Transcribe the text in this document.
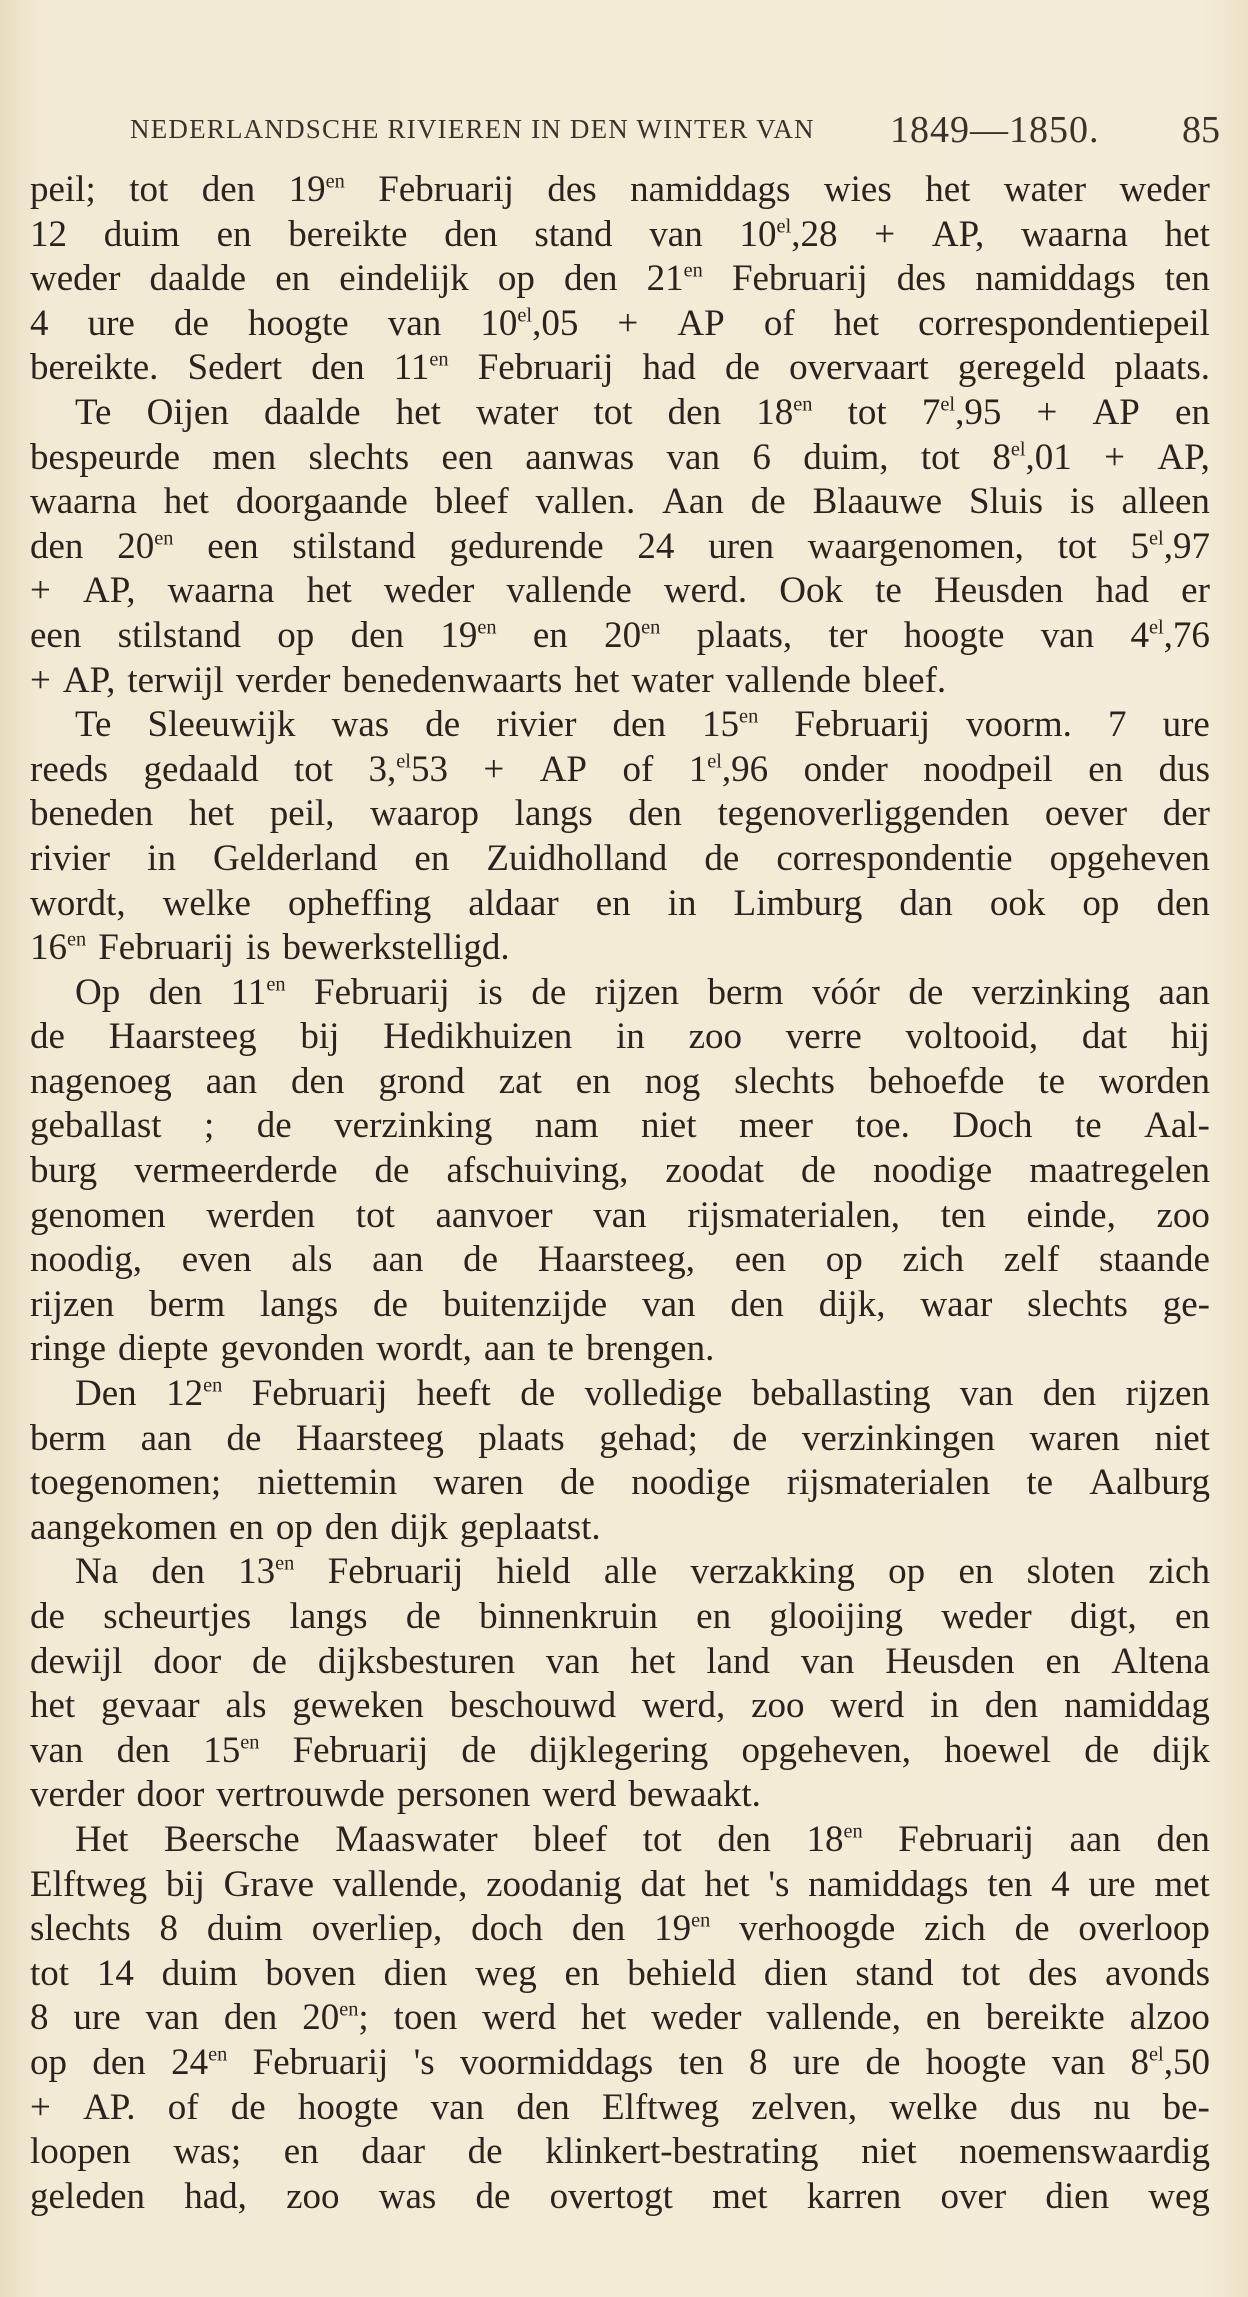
NEDERLANDSCHE RIVIEREN IN DEN WINTER VAN 1849—1850. 85
peil; tot den $19^{en}$ Februarij des namiddags wies het water weder
12 duim en bereikte den stand van $10^{el},28$ + AP, waarna het
weder daalde en eindelijk op den $21^{en}$ Februarij des namiddags ten
4 ure de hoogte van $10^{el},05$ + AP of het correspondentiepeil
bereikte. Sedert den $11^{en}$ Februarij had de overvaart geregeld plaats.
Te Oijen daalde het water tot den $18^{en}$ tot $7^{el},95$ + AP en
bespeurde men slechts een aanwas van 6 duim, tot $8^{el},01$ + AP,
waarna het doorgaande bleef vallen. Aan de Blaauwe Sluis is alleen
den $20^{en}$ een stilstand gedurende 24 uren waargenomen, tot $5^{el},97$
+ AP, waarna het weder vallende werd. Ook te Heusden had er
een stilstand op den $19^{en}$ en $20^{en}$ plaats, ter hoogte van $4^{el},76$
+ AP, terwijl verder benedenwaarts het water vallende bleef.
Te Sleeuwijk was de rivier den $15^{en}$ Februarij voorm. 7 ure
reeds gedaald tot 3,$^{el}$53 + AP of $1^{el},96$ onder noodpeil en dus
beneden het peil, waarop langs den tegenoverliggenden oever der
rivier in Gelderland en Zuidholland de correspondentie opgeheven
wordt, welke opheffing aldaar en in Limburg dan ook op den
$16^{en}$ Februarij is bewerkstelligd.
Op den $11^{en}$ Februarij is de rijzen berm vóór de verzinking aan
de Haarsteeg bij Hedikhuizen in zoo verre voltooid, dat hij
nagenoeg aan den grond zat en nog slechts behoefde te worden
geballast ; de verzinking nam niet meer toe. Doch te Aal-
burg vermeerderde de afschuiving, zoodat de noodige maatregelen
genomen werden tot aanvoer van rijsmaterialen, ten einde, zoo
noodig, even als aan de Haarsteeg, een op zich zelf staande
rijzen berm langs de buitenzijde van den dijk, waar slechts ge-
ringe diepte gevonden wordt, aan te brengen.
Den $12^{en}$ Februarij heeft de volledige beballasting van den rijzen
berm aan de Haarsteeg plaats gehad; de verzinkingen waren niet
toegenomen; niettemin waren de noodige rijsmaterialen te Aalburg
aangekomen en op den dijk geplaatst.
Na den $13^{en}$ Februarij hield alle verzakking op en sloten zich
de scheurtjes langs de binnenkruin en glooijing weder digt, en
dewijl door de dijksbesturen van het land van Heusden en Altena
het gevaar als geweken beschouwd werd, zoo werd in den namiddag
van den $15^{en}$ Februarij de dijklegering opgeheven, hoewel de dijk
verder door vertrouwde personen werd bewaakt.
Het Beersche Maaswater bleef tot den $18^{en}$ Februarij aan den
Elftweg bij Grave vallende, zoodanig dat het 's namiddags ten 4 ure met
slechts 8 duim overliep, doch den $19^{en}$ verhoogde zich de overloop
tot 14 duim boven dien weg en behield dien stand tot des avonds
8 ure van den $20^{en}$; toen werd het weder vallende, en bereikte alzoo
op den $24^{en}$ Februarij 's voormiddags ten 8 ure de hoogte van $8^{el},50$
+ AP. of de hoogte van den Elftweg zelven, welke dus nu be-
loopen was; en daar de klinkert-bestrating niet noemenswaardig
geleden had, zoo was de overtogt met karren over dien weg
